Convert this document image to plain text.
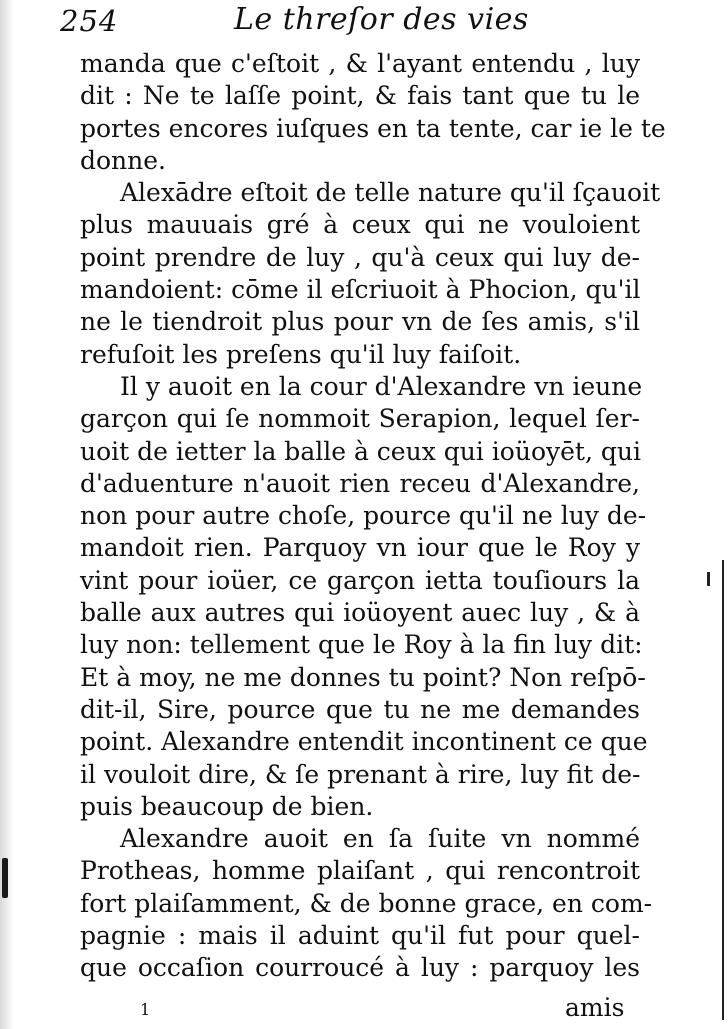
254	Le threſor des vies
manda que c'eſtoit , & l'ayant entendu , luy
dit : Ne te laſſe point, & fais tant que tu le
portes encores iuſques en ta tente, car ie le te
donne.
Alexādre eſtoit de telle nature qu'il ſçauoit
plus mauuais gré à ceux qui ne vouloient
point prendre de luy , qu'à ceux qui luy de-
mandoient: cōme il eſcriuoit à Phocion, qu'il
ne le tiendroit plus pour vn de ſes amis, s'il
refuſoit les preſens qu'il luy faiſoit.
Il y auoit en la cour d'Alexandre vn ieune
garçon qui ſe nommoit Serapion, lequel ſer-
uoit de ietter la balle à ceux qui ioüoyēt, qui
d'aduenture n'auoit rien receu d'Alexandre,
non pour autre choſe, pource qu'il ne luy de-
mandoit rien. Parquoy vn iour que le Roy y
vint pour ioüer, ce garçon ietta touſiours la
balle aux autres qui ioüoyent auec luy , & à
luy non: tellement que le Roy à la fin luy dit:
Et à moy, ne me donnes tu point? Non reſpō-
dit-il, Sire, pource que tu ne me demandes
point. Alexandre entendit incontinent ce que
il vouloit dire, & ſe prenant à rire, luy fit de-
puis beaucoup de bien.
Alexandre auoit en ſa ſuite vn nommé
Protheas, homme plaiſant , qui rencontroit
fort plaiſamment, & de bonne grace, en com-
pagnie : mais il aduint qu'il fut pour quel-
que occaſion courroucé à luy : parquoy les
1	amis
